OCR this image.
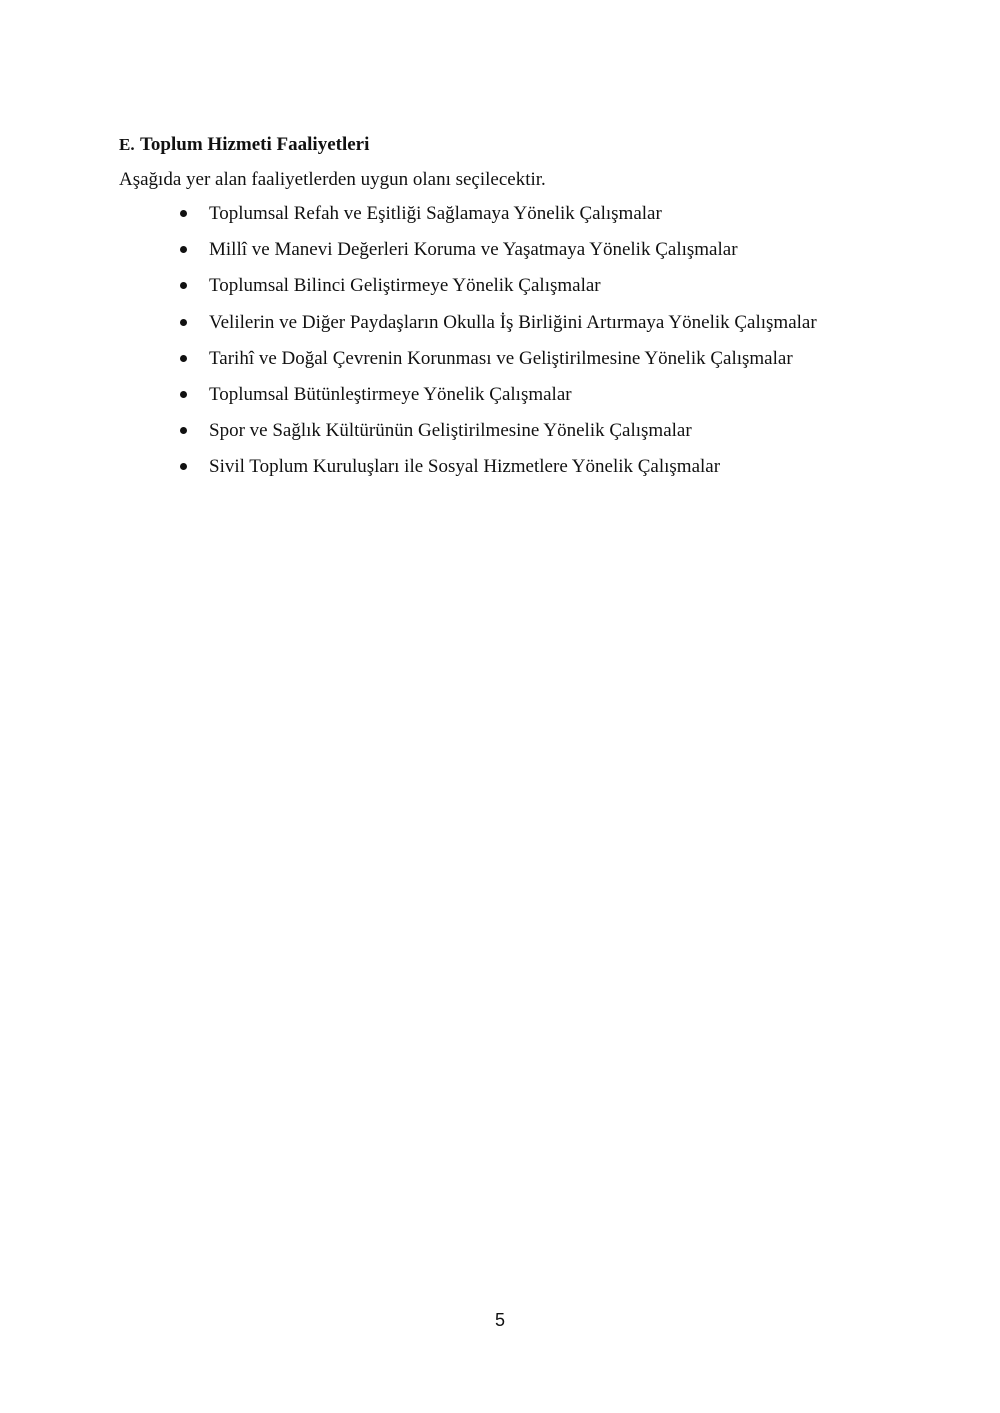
E. Toplum Hizmeti Faaliyetleri
Aşağıda yer alan faaliyetlerden uygun olanı seçilecektir.
Toplumsal Refah ve Eşitliği Sağlamaya Yönelik Çalışmalar
Millî ve Manevi Değerleri Koruma ve Yaşatmaya Yönelik Çalışmalar
Toplumsal Bilinci Geliştirmeye Yönelik Çalışmalar
Velilerin ve Diğer Paydaşların Okulla İş Birliğini Artırmaya Yönelik Çalışmalar
Tarihî ve Doğal Çevrenin Korunması ve Geliştirilmesine Yönelik Çalışmalar
Toplumsal Bütünleştirmeye Yönelik Çalışmalar
Spor ve Sağlık Kültürünün Geliştirilmesine Yönelik Çalışmalar
Sivil Toplum Kuruluşları ile Sosyal Hizmetlere Yönelik Çalışmalar
5
